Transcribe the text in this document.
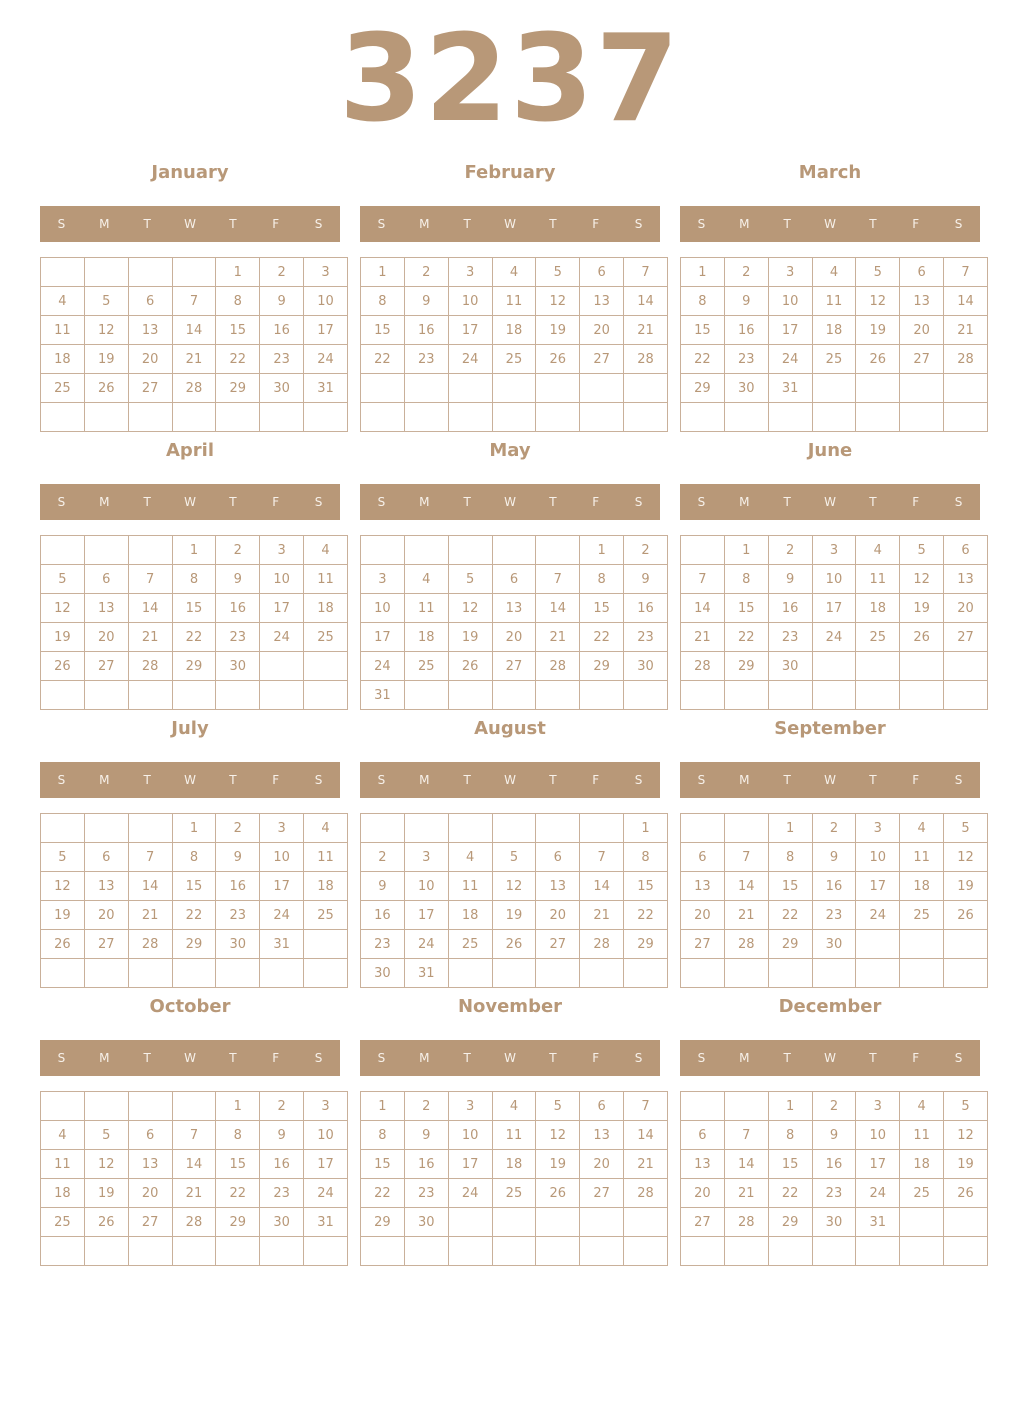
3237
January
S	M	T	W	T	F	S
				1	2	3
4	5	6	7	8	9	10
11	12	13	14	15	16	17
18	19	20	21	22	23	24
25	26	27	28	29	30	31

February
S	M	T	W	T	F	S
1	2	3	4	5	6	7
8	9	10	11	12	13	14
15	16	17	18	19	20	21
22	23	24	25	26	27	28

March
S	M	T	W	T	F	S
1	2	3	4	5	6	7
8	9	10	11	12	13	14
15	16	17	18	19	20	21
22	23	24	25	26	27	28
29	30	31				

April
S	M	T	W	T	F	S
			1	2	3	4
5	6	7	8	9	10	11
12	13	14	15	16	17	18
19	20	21	22	23	24	25
26	27	28	29	30		

May
S	M	T	W	T	F	S
					1	2
3	4	5	6	7	8	9
10	11	12	13	14	15	16
17	18	19	20	21	22	23
24	25	26	27	28	29	30
31						
June
S	M	T	W	T	F	S
	1	2	3	4	5	6
7	8	9	10	11	12	13
14	15	16	17	18	19	20
21	22	23	24	25	26	27
28	29	30				

July
S	M	T	W	T	F	S
			1	2	3	4
5	6	7	8	9	10	11
12	13	14	15	16	17	18
19	20	21	22	23	24	25
26	27	28	29	30	31	

August
S	M	T	W	T	F	S
						1
2	3	4	5	6	7	8
9	10	11	12	13	14	15
16	17	18	19	20	21	22
23	24	25	26	27	28	29
30	31					
September
S	M	T	W	T	F	S
		1	2	3	4	5
6	7	8	9	10	11	12
13	14	15	16	17	18	19
20	21	22	23	24	25	26
27	28	29	30			

October
S	M	T	W	T	F	S
				1	2	3
4	5	6	7	8	9	10
11	12	13	14	15	16	17
18	19	20	21	22	23	24
25	26	27	28	29	30	31

November
S	M	T	W	T	F	S
1	2	3	4	5	6	7
8	9	10	11	12	13	14
15	16	17	18	19	20	21
22	23	24	25	26	27	28
29	30					

December
S	M	T	W	T	F	S
		1	2	3	4	5
6	7	8	9	10	11	12
13	14	15	16	17	18	19
20	21	22	23	24	25	26
27	28	29	30	31		
